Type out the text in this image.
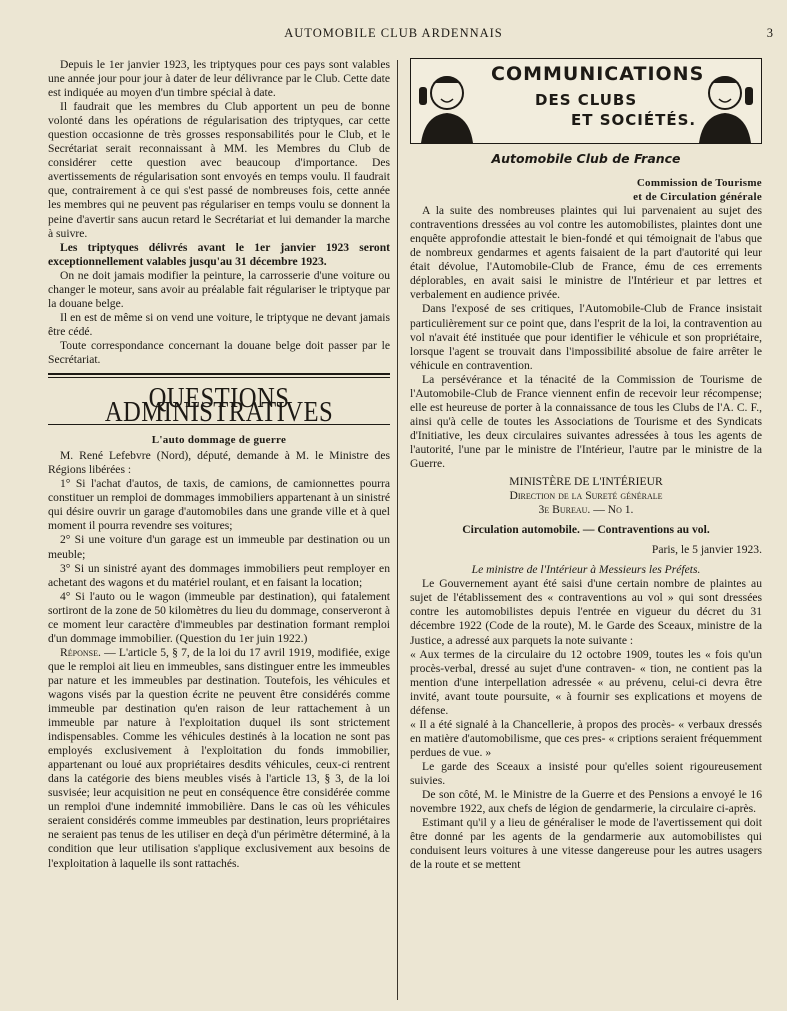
AUTOMOBILE CLUB ARDENNAIS	3

Depuis le 1er janvier 1923, les triptyques pour ces pays sont valables une année jour pour jour à dater de leur délivrance par le Club. Cette date est indiquée au moyen d'un timbre spécial à date.

Il faudrait que les membres du Club apportent un peu de bonne volonté dans les opérations de régularisation des triptyques, car cette question occasionne de très grosses responsabilités pour le Club, et le Secrétariat serait reconnaissant à MM. les Membres du Club de considérer cette question avec beaucoup d'importance. Des avertissements de régularisation sont envoyés en temps voulu. Il faudrait que, contrairement à ce qui s'est passé de nombreuses fois, cette année les membres qui ne peuvent pas régulariser en temps voulu se donnent la peine d'avertir sans aucun retard le Secrétariat et lui demander la marche à suivre.

Les triptyques délivrés avant le 1er janvier 1923 seront exceptionnellement valables jusqu'au 31 décembre 1923.

On ne doit jamais modifier la peinture, la carrosserie d'une voiture ou changer le moteur, sans avoir au préalable fait régulariser le triptyque par la douane belge.

Il en est de même si on vend une voiture, le triptyque ne devant jamais être cédé.

Toute correspondance concernant la douane belge doit passer par le Secrétariat.

QUESTIONS ADMINISTRATIVES
L'auto dommage de guerre

M. René Lefebvre (Nord), député, demande à M. le Ministre des Régions libérées :

1° Si l'achat d'autos, de taxis, de camions, de camionnettes pourra constituer un remploi de dommages immobiliers appartenant à un sinistré qui désire ouvrir un garage d'automobiles dans une grande ville et à quel moment il pourra revendre ses voitures;

2° Si une voiture d'un garage est un immeuble par destination ou un meuble;

3° Si un sinistré ayant des dommages immobiliers peut remployer en achetant des wagons et du matériel roulant, et en faisant la location;

4° Si l'auto ou le wagon (immeuble par destination), qui fatalement sortiront de la zone de 50 kilomètres du lieu du dommage, conserveront à ce moment leur caractère d'immeubles par destination formant remploi d'un dommage immobilier. (Question du 1er juin 1922.)

Réponse. — L'article 5, § 7, de la loi du 17 avril 1919, modifiée, exige que le remploi ait lieu en immeubles, sans distinguer entre les immeubles par nature et les immeubles par destination. Toutefois, les véhicules et wagons visés par la question écrite ne peuvent être considérés comme immeuble par destination qu'en raison de leur rattachement à un immeuble par nature à l'exploitation duquel ils sont strictement indispensables. Comme les véhicules destinés à la location ne sont pas employés exclusivement à l'exploitation du fonds immobilier, appartenant ou loué aux propriétaires desdits véhicules, ceux-ci rentrent dans la catégorie des biens meubles visés à l'article 13, § 3, de la loi susvisée; leur acquisition ne peut en conséquence être considérée comme un remploi d'une indemnité immobilière. Dans le cas où les véhicules seraient considérés comme immeubles par destination, leurs propriétaires ne seraient pas tenus de les utiliser en deçà d'un périmètre déterminé, à la condition que leur utilisation s'applique exclusivement aux besoins de l'exploitation à laquelle ils sont rattachés.

COMMUNICATIONS
DES CLUBS
ET SOCIÉTÉS.
Automobile Club de France

Commission de Tourisme

et de Circulation générale

A la suite des nombreuses plaintes qui lui parvenaient au sujet des contraventions dressées au vol contre les automobilistes, plaintes dont une enquête approfondie attestait le bien-fondé et qui témoignait de l'abus que de nombreux gendarmes et agents faisaient de la part d'autorité qui leur était dévolue, l'Automobile-Club de France, ému de ces errements déplorables, en avait saisi le ministre de l'Intérieur et par lettres et verbalement en audience privée.

Dans l'exposé de ses critiques, l'Automobile-Club de France insistait particulièrement sur ce point que, dans l'esprit de la loi, la contravention au vol n'avait été instituée que pour identifier le véhicule et son propriétaire, lorsque l'agent se trouvait dans l'impossibilité absolue de faire arrêter le véhicule en contravention.

La persévérance et la ténacité de la Commission de Tourisme de l'Automobile-Club de France viennent enfin de recevoir leur récompense; elle est heureuse de porter à la connaissance de tous les Clubs de l'A. C. F., ainsi qu'à celle de toutes les Associations de Tourisme et des Syndicats d'Initiative, les deux circulaires suivantes adressées à tous les agents de l'autorité, l'une par le ministre de l'Intérieur, l'autre par le ministre de la Guerre.

MINISTÈRE DE L'INTÉRIEUR

Direction de la Sureté générale

3e Bureau. — No 1.

Circulation automobile. — Contraventions au vol.

Paris, le 5 janvier 1923.

Le ministre de l'Intérieur à Messieurs les Préfets.

Le Gouvernement ayant été saisi d'une certain nombre de plaintes au sujet de l'établissement des « contraventions au vol » qui sont dressées contre les automobilistes depuis l'entrée en vigueur du décret du 31 décembre 1922 (Code de la route), M. le Garde des Sceaux, ministre de la Justice, a adressé aux parquets la note suivante :

« Aux termes de la circulaire du 12 octobre 1909, toutes les « fois qu'un procès-verbal, dressé au sujet d'une contraven- « tion, ne contient pas la mention d'une interpellation adressée « au prévenu, celui-ci devra être invité, avant toute poursuite, « à fournir ses explications et moyens de défense.

« Il a été signalé à la Chancellerie, à propos des procès- « verbaux dressés en matière d'automobilisme, que ces pres- « criptions seraient fréquemment perdues de vue. »

Le garde des Sceaux a insisté pour qu'elles soient rigoureusement suivies.

De son côté, M. le Ministre de la Guerre et des Pensions a envoyé le 16 novembre 1922, aux chefs de légion de gendarmerie, la circulaire ci-après.

Estimant qu'il y a lieu de généraliser le mode de l'avertissement qui doit être donné par les agents de la gendarmerie aux automobilistes qui conduisent leurs voitures à une vitesse dangereuse pour les autres usagers de la route et se mettent
